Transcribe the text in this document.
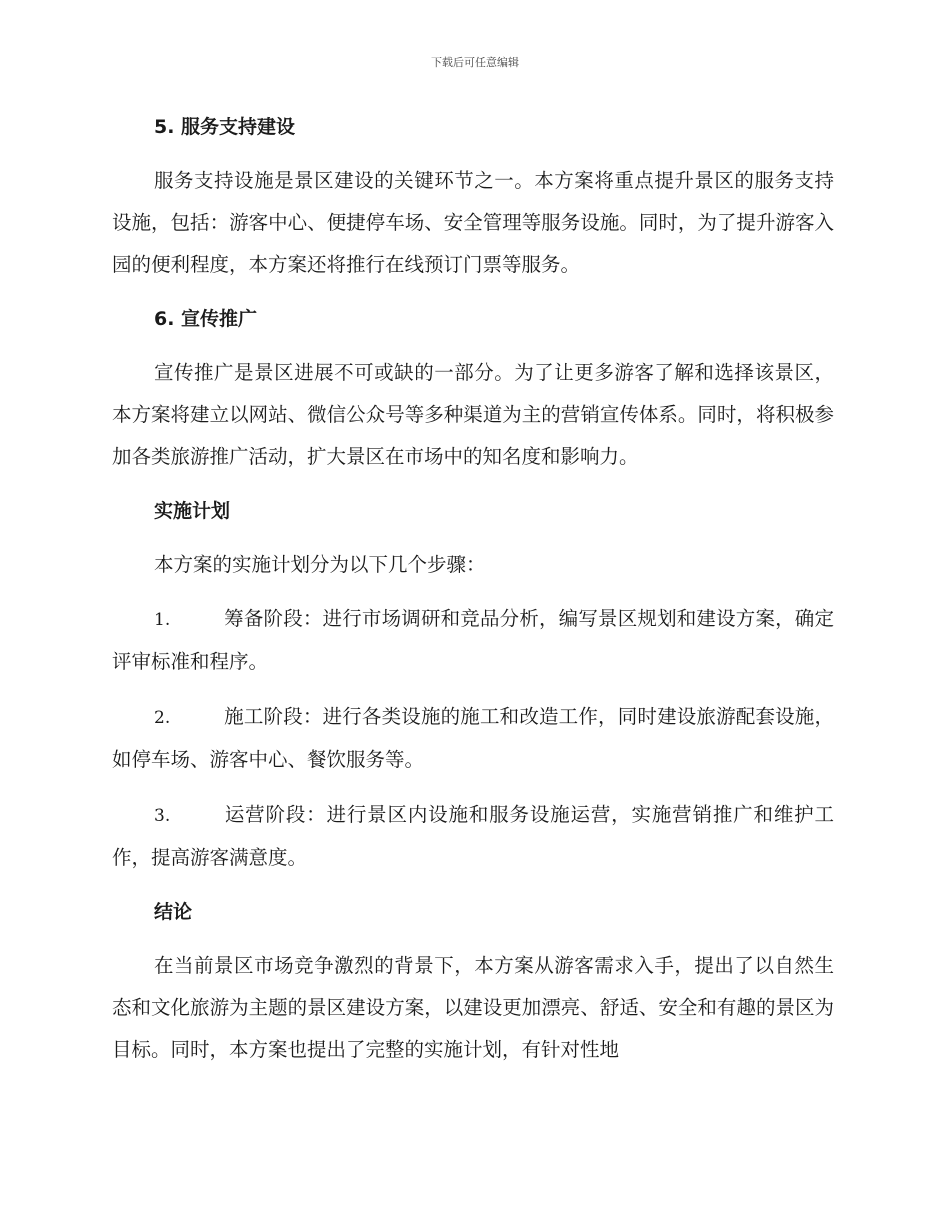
下载后可任意编辑
5. 服务支持建设

服务支持设施是景区建设的关键环节之一。本方案将重点提升景区的服务支持设施，包括：游客中心、便捷停车场、安全管理等服务设施。同时，为了提升游客入园的便利程度，本方案还将推行在线预订门票等服务。

6. 宣传推广

宣传推广是景区进展不可或缺的一部分。为了让更多游客了解和选择该景区，本方案将建立以网站、微信公众号等多种渠道为主的营销宣传体系。同时，将积极参加各类旅游推广活动，扩大景区在市场中的知名度和影响力。

实施计划

本方案的实施计划分为以下几个步骤：

1.	筹备阶段：进行市场调研和竞品分析，编写景区规划和建设方案，确定评审标准和程序。

2.	施工阶段：进行各类设施的施工和改造工作，同时建设旅游配套设施，如停车场、游客中心、餐饮服务等。

3.	运营阶段：进行景区内设施和服务设施运营，实施营销推广和维护工作，提高游客满意度。

结论

在当前景区市场竞争激烈的背景下，本方案从游客需求入手，提出了以自然生态和文化旅游为主题的景区建设方案，以建设更加漂亮、舒适、安全和有趣的景区为目标。同时，本方案也提出了完整的实施计划，有针对性地
